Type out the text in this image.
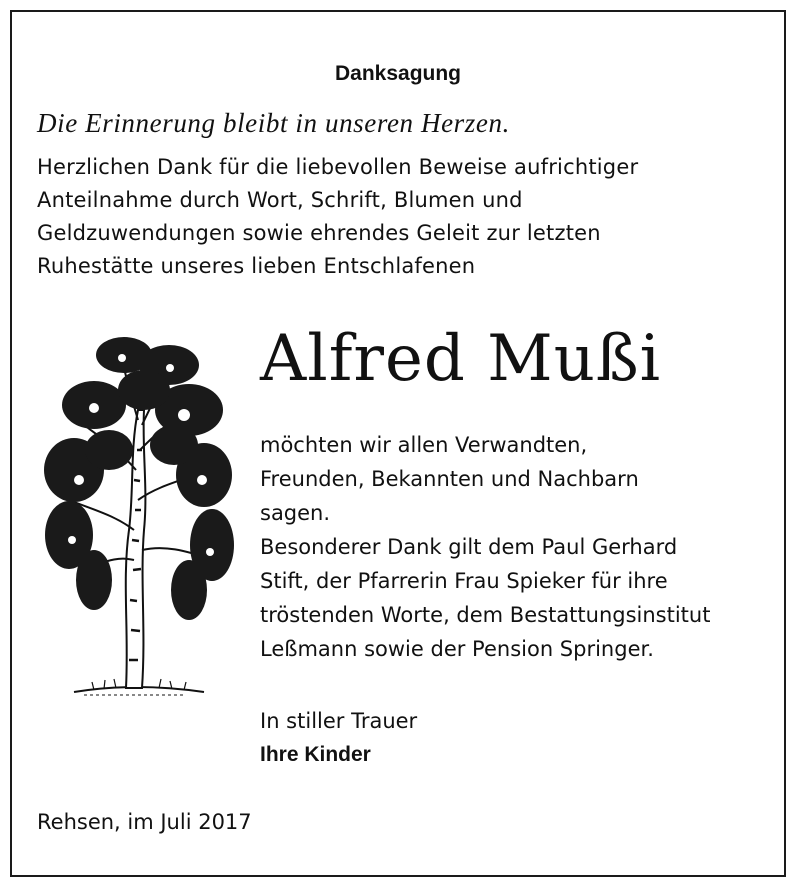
Danksagung
Die Erinnerung bleibt in unseren Herzen.
Herzlichen Dank für die liebevollen Beweise aufrichtiger
Anteilnahme durch Wort, Schrift, Blumen und
Geldzuwendungen sowie ehrendes Geleit zur letzten
Ruhestätte unseres lieben Entschlafenen
Alfred Mußi
möchten wir allen Verwandten,
Freunden, Bekannten und Nachbarn
sagen.
Besonderer Dank gilt dem Paul Gerhard
Stift, der Pfarrerin Frau Spieker für ihre
tröstenden Worte, dem Bestattungsinstitut
Leßmann sowie der Pension Springer.
In stiller Trauer
Ihre Kinder
Rehsen, im Juli 2017
